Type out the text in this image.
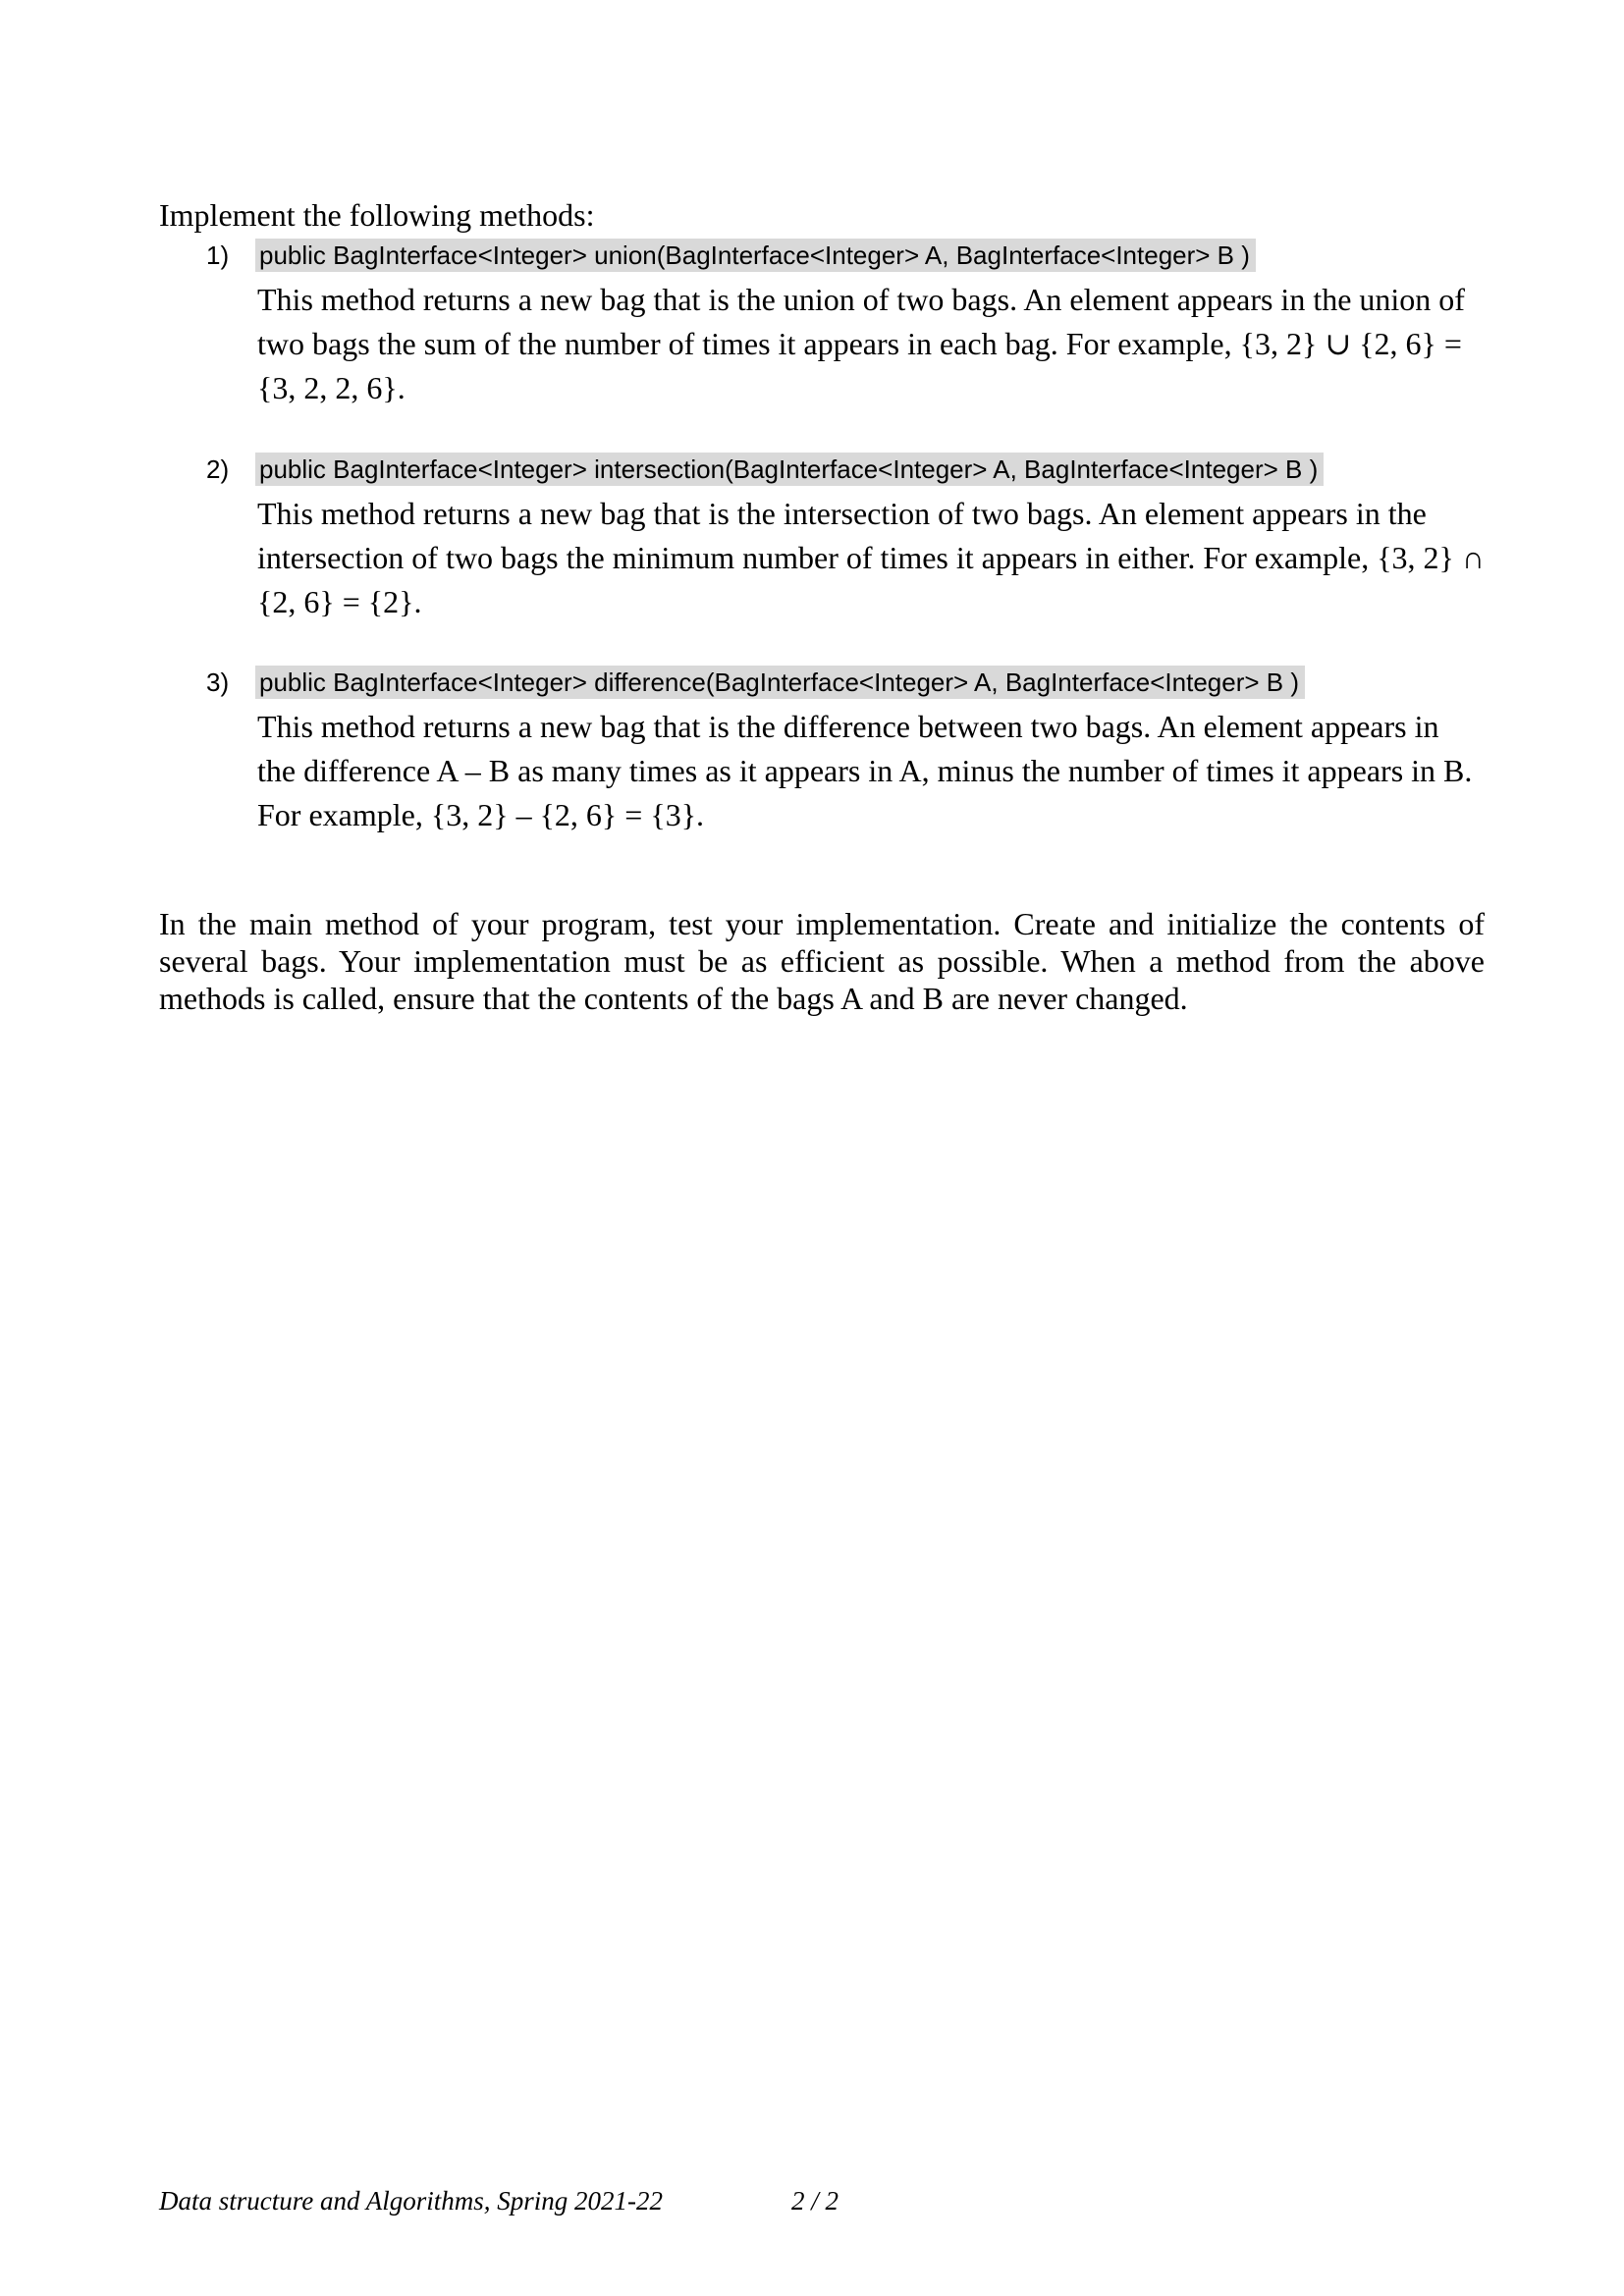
Implement the following methods:
1) public BagInterface<Integer> union(BagInterface<Integer> A, BagInterface<Integer> B )
This method returns a new bag that is the union of two bags. An element appears in the union of two bags the sum of the number of times it appears in each bag. For example, {3, 2} ∪ {2, 6} = {3, 2, 2, 6}.
2) public BagInterface<Integer> intersection(BagInterface<Integer> A, BagInterface<Integer> B )
This method returns a new bag that is the intersection of two bags. An element appears in the intersection of two bags the minimum number of times it appears in either. For example, {3, 2} ∩ {2, 6} = {2}.
3) public BagInterface<Integer> difference(BagInterface<Integer> A, BagInterface<Integer> B )
This method returns a new bag that is the difference between two bags. An element appears in the difference A – B as many times as it appears in A, minus the number of times it appears in B. For example, {3, 2} – {2, 6} = {3}.
In the main method of your program, test your implementation. Create and initialize the contents of several bags. Your implementation must be as efficient as possible. When a method from the above methods is called, ensure that the contents of the bags A and B are never changed.
Data structure and Algorithms, Spring 2021-22	2 / 2
